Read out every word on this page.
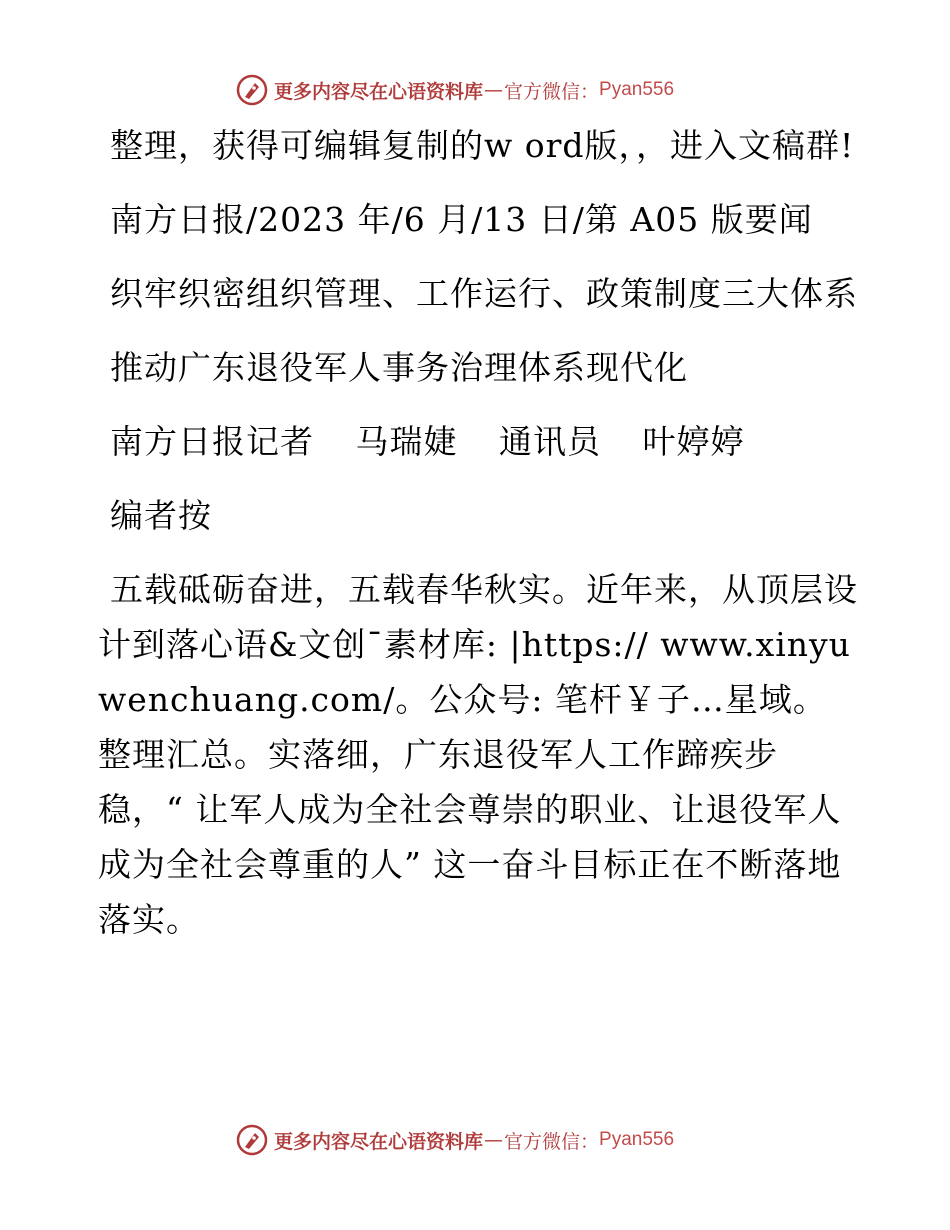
更多内容尽在心语资料库 — 官方微信： Pyan556

整理，获得可编辑复制的w ord版，，进入文稿群!

南方日报/2023 年/6 月/13 日/第 A05 版要闻

织牢织密组织管理、工作运行、政策制度三大体系

推动广东退役军人事务治理体系现代化

南方日报记者 马瑞婕 通讯员 叶婷婷

编者按

五载砥砺奋进，五载春华秋实。近年来，从顶层设计到落心语&文创¯素材库: |https:// www.xinyuwenchuang.com/。公众号: 笔杆￥子…星域。整理汇总。实落细，广东退役军人工作蹄疾步稳，“ 让军人成为全社会尊崇的职业、让退役军人成为全社会尊重的人” 这一奋斗目标正在不断落地落实。

更多内容尽在心语资料库 — 官方微信： Pyan556
